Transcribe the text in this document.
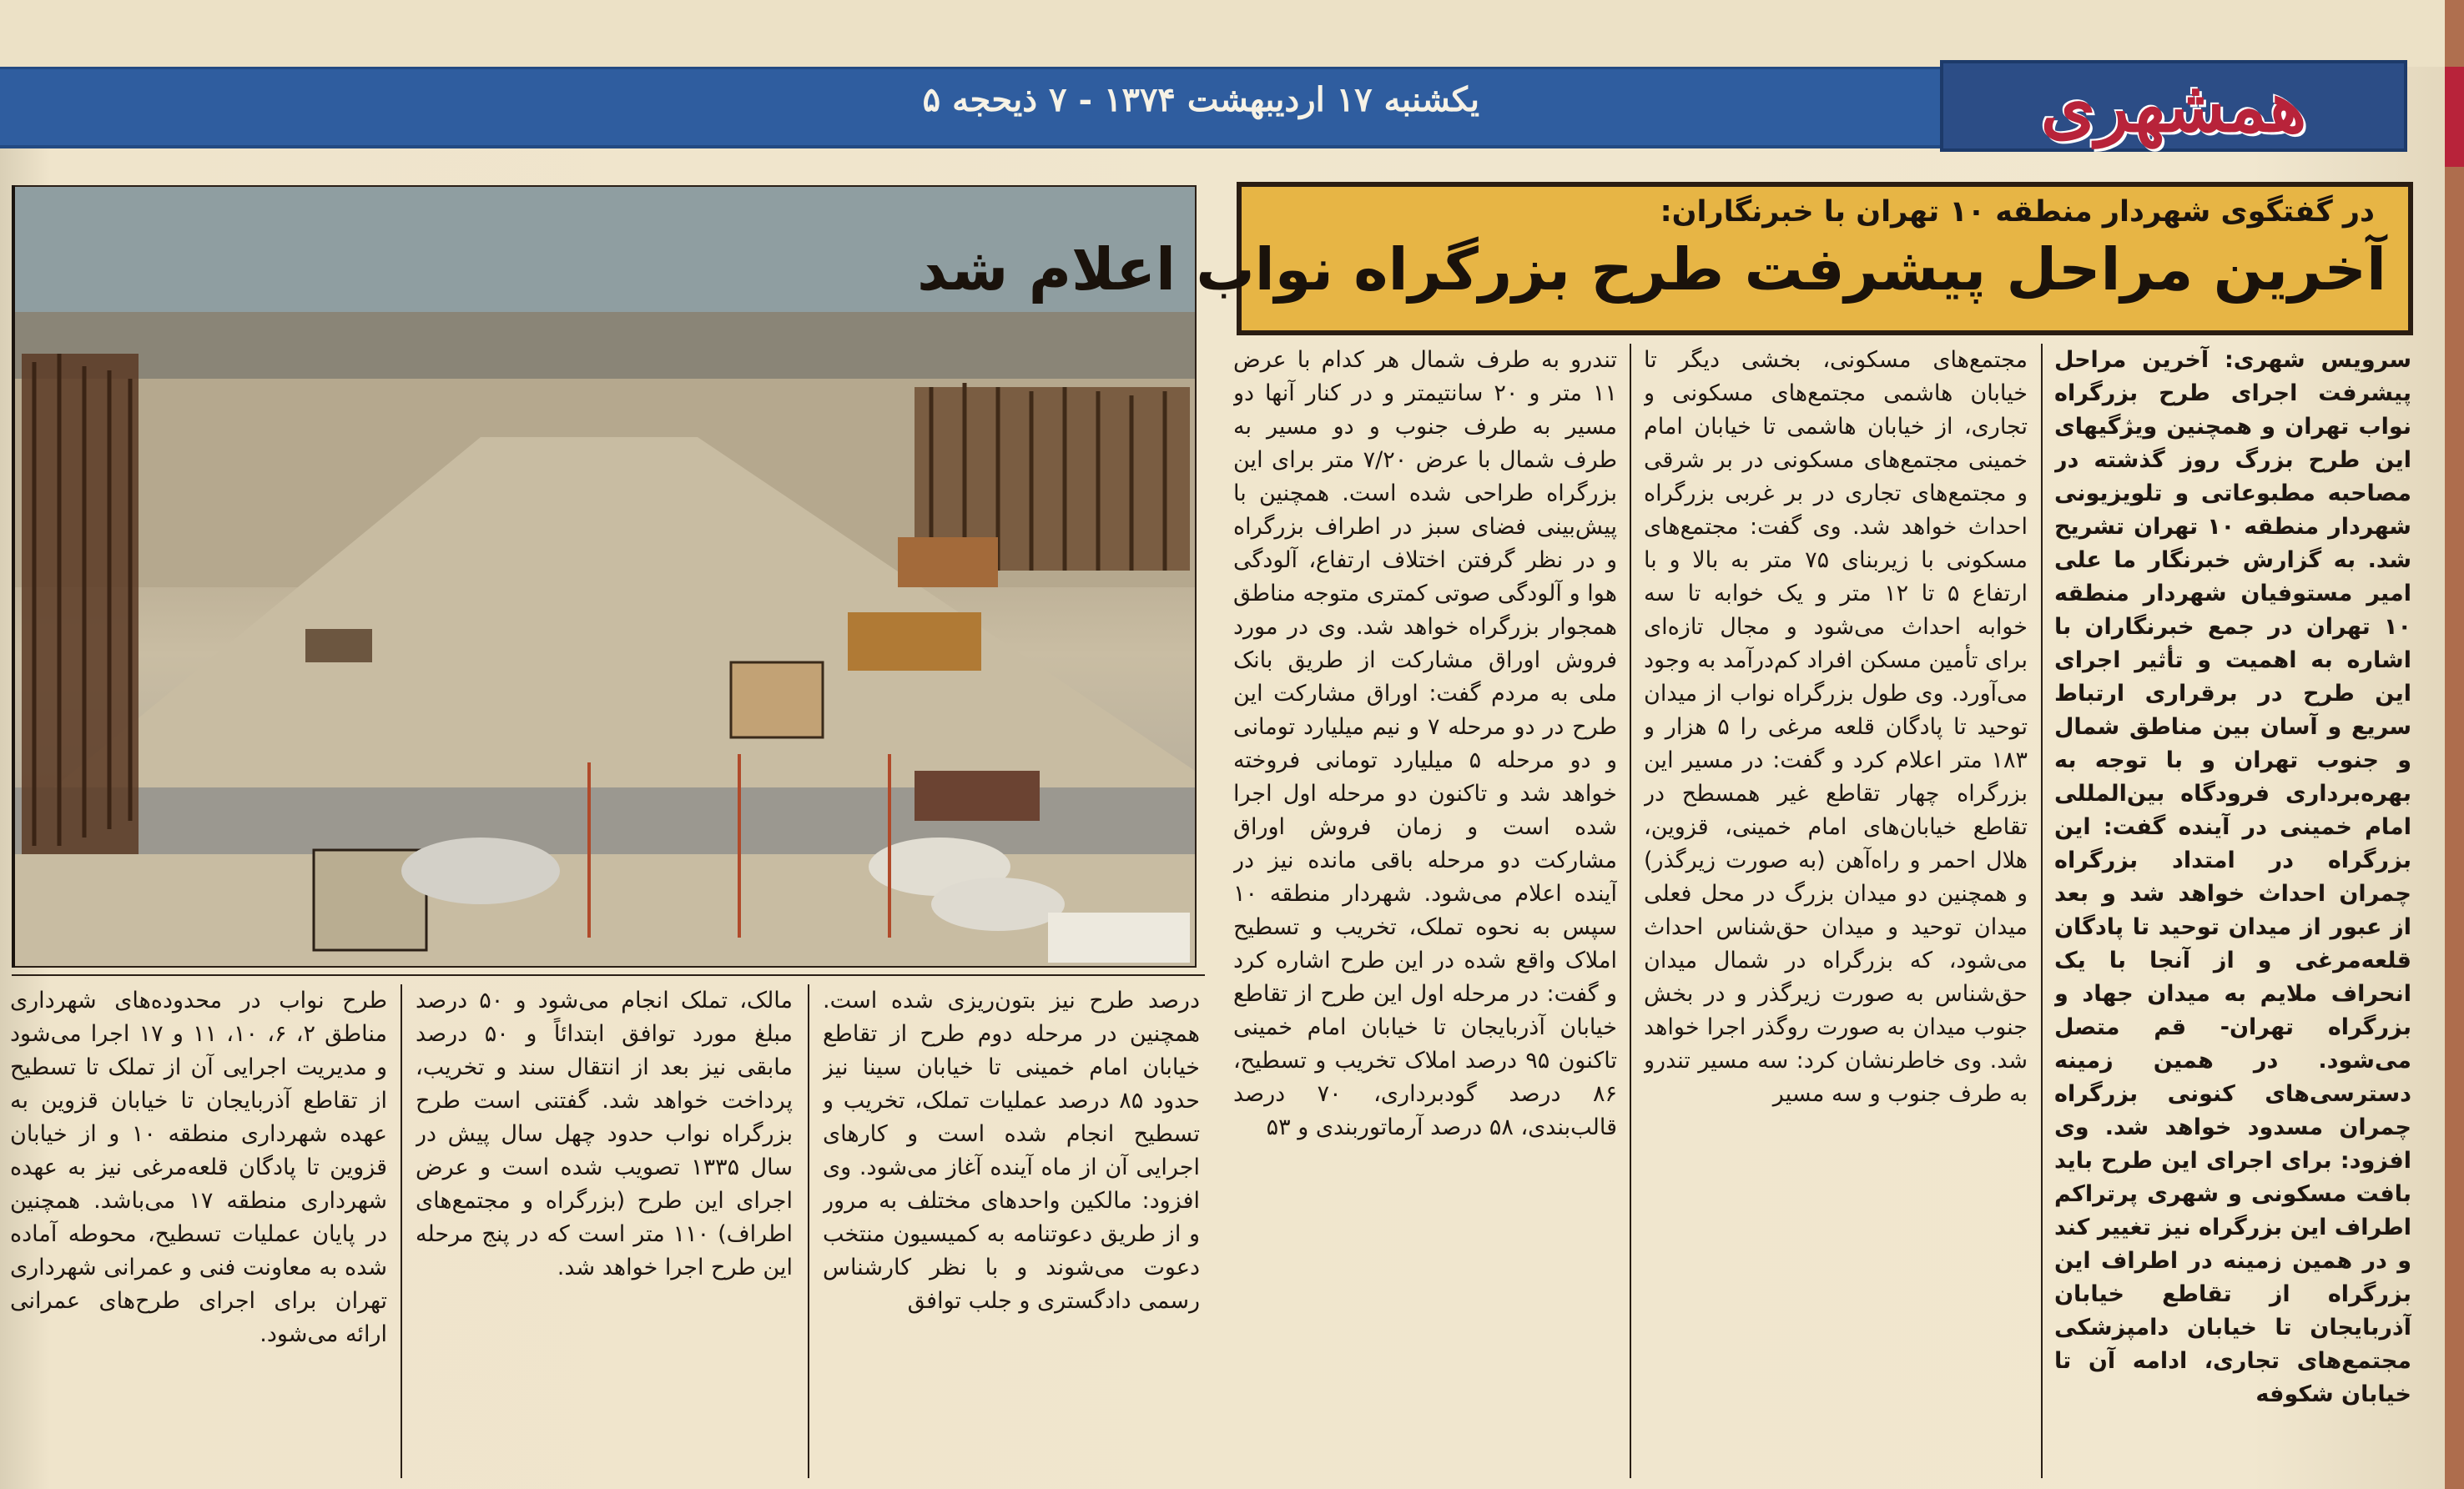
یکشنبه ۱۷ اردیبهشت ۱۳۷۴ - ۷ ذیحجه ۵	همشهری
در گفتگوی شهردار منطقه ۱۰ تهران با خبرنگاران:
آخرین مراحل پیشرفت طرح بزرگراه نواب اعلام شد

سرویس شهری: آخرین مراحل پیشرفت اجرای طرح بزرگراه نواب تهران و همچنین ویژگیهای این طرح بزرگ روز گذشته در مصاحبه مطبوعاتی و تلویزیونی شهردار منطقه ۱۰ تهران تشریح شد. به گزارش خبرنگار ما علی امیر مستوفیان شهردار منطقه ۱۰ تهران در جمع خبرنگاران با اشاره به اهمیت و تأثیر اجرای این طرح در برقراری ارتباط سریع و آسان بین مناطق شمال و جنوب تهران و با توجه به بهره‌برداری فرودگاه بین‌المللی امام خمینی در آینده گفت: این بزرگراه در امتداد بزرگراه چمران احداث خواهد شد و بعد از عبور از میدان توحید تا پادگان قلعه‌مرغی و از آنجا با یک انحراف ملایم به میدان جهاد و بزرگراه تهران- قم متصل می‌شود. در همین زمینه دسترسی‌های کنونی بزرگراه چمران مسدود خواهد شد. وی افزود: برای اجرای این طرح باید بافت مسکونی و شهری پرتراکم اطراف این بزرگراه نیز تغییر کند و در همین زمینه در اطراف این بزرگراه از تقاطع خیابان آذربایجان تا خیابان دامپزشکی مجتمع‌های تجاری، ادامه آن تا خیابان شکوفه

مجتمع‌های مسکونی، بخشی دیگر تا خیابان هاشمی مجتمع‌های مسکونی و تجاری، از خیابان هاشمی تا خیابان امام خمینی مجتمع‌های مسکونی در بر شرقی و مجتمع‌های تجاری در بر غربی بزرگراه احداث خواهد شد. وی گفت: مجتمع‌های مسکونی با زیربنای ۷۵ متر به بالا و با ارتفاع ۵ تا ۱۲ متر و یک خوابه تا سه خوابه احداث می‌شود و مجال تازه‌ای برای تأمین مسکن افراد کم‌درآمد به وجود می‌آورد. وی طول بزرگراه نواب از میدان توحید تا پادگان قلعه مرغی را ۵ هزار و ۱۸۳ متر اعلام کرد و گفت: در مسیر این بزرگراه چهار تقاطع غیر همسطح در تقاطع خیابان‌های امام خمینی، قزوین، هلال احمر و راه‌آهن (به صورت زیرگذر) و همچنین دو میدان بزرگ در محل فعلی میدان توحید و میدان حق‌شناس احداث می‌شود، که بزرگراه در شمال میدان حق‌شناس به صورت زیرگذر و در بخش جنوب میدان به صورت روگذر اجرا خواهد شد. وی خاطرنشان کرد: سه مسیر تندرو به طرف جنوب و سه مسیر

تندرو به طرف شمال هر کدام با عرض ۱۱ متر و ۲۰ سانتیمتر و در کنار آنها دو مسیر به طرف جنوب و دو مسیر به طرف شمال با عرض ۷/۲۰ متر برای این بزرگراه طراحی شده است. همچنین با پیش‌بینی فضای سبز در اطراف بزرگراه و در نظر گرفتن اختلاف ارتفاع، آلودگی هوا و آلودگی صوتی کمتری متوجه مناطق همجوار بزرگراه خواهد شد. وی در مورد فروش اوراق مشارکت از طریق بانک ملی به مردم گفت: اوراق مشارکت این طرح در دو مرحله ۷ و نیم میلیارد تومانی و دو مرحله ۵ میلیارد تومانی فروخته خواهد شد و تاکنون دو مرحله اول اجرا شده است و زمان فروش اوراق مشارکت دو مرحله باقی مانده نیز در آینده اعلام می‌شود. شهردار منطقه ۱۰ سپس به نحوه تملک، تخریب و تسطیح املاک واقع شده در این طرح اشاره کرد و گفت: در مرحله اول این طرح از تقاطع خیابان آذربایجان تا خیابان امام خمینی تاکنون ۹۵ درصد املاک تخریب و تسطیح، ۸۶ درصد گودبرداری، ۷۰ درصد قالب‌بندی، ۵۸ درصد آرماتوربندی و ۵۳

درصد طرح نیز بتون‌ریزی شده است. همچنین در مرحله دوم طرح از تقاطع خیابان امام خمینی تا خیابان سینا نیز حدود ۸۵ درصد عملیات تملک، تخریب و تسطیح انجام شده است و کارهای اجرایی آن از ماه آینده آغاز می‌شود. وی افزود: مالکین واحدهای مختلف به مرور و از طریق دعوتنامه به کمیسیون منتخب دعوت می‌شوند و با نظر کارشناس رسمی دادگستری و جلب توافق

مالک، تملک انجام می‌شود و ۵۰ درصد مبلغ مورد توافق ابتدائاً و ۵۰ درصد مابقی نیز بعد از انتقال سند و تخریب، پرداخت خواهد شد. گفتنی است طرح بزرگراه نواب حدود چهل سال پیش در سال ۱۳۳۵ تصویب شده است و عرض اجرای این طرح (بزرگراه و مجتمع‌های اطراف) ۱۱۰ متر است که در پنج مرحله این طرح اجرا خواهد شد.

طرح نواب در محدوده‌های شهرداری مناطق ۲، ۶، ۱۰، ۱۱ و ۱۷ اجرا می‌شود و مدیریت اجرایی آن از تملک تا تسطیح از تقاطع آذربایجان تا خیابان قزوین به عهده شهرداری منطقه ۱۰ و از خیابان قزوین تا پادگان قلعه‌مرغی نیز به عهده شهرداری منطقه ۱۷ می‌باشد. همچنین در پایان عملیات تسطیح، محوطه آماده شده به معاونت فنی و عمرانی شهرداری تهران برای اجرای طرح‌های عمرانی ارائه می‌شود.
